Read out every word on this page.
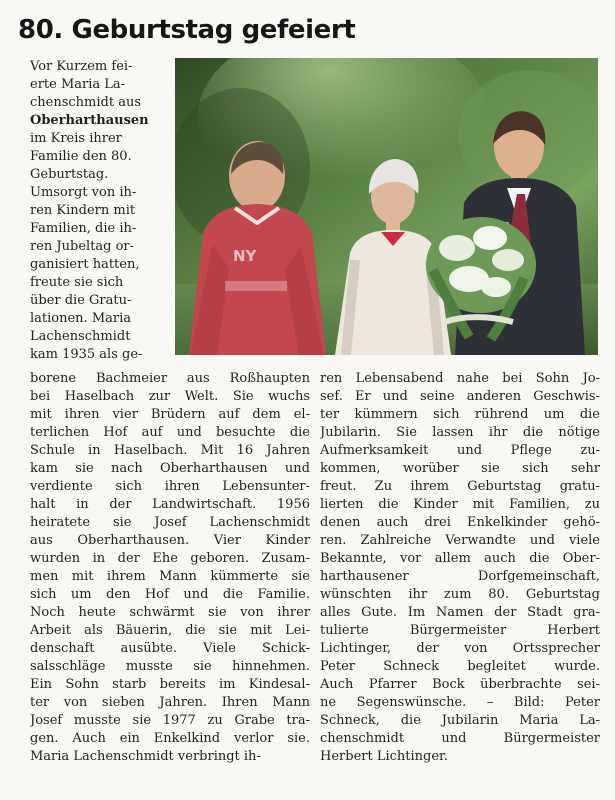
80. Geburtstag gefeiert
NY
Vor Kurzem fei-
erte Maria La-
chenschmidt aus
Oberharthausen
im Kreis ihrer
Familie den 80.
Geburtstag.
Umsorgt von ih-
ren Kindern mit
Familien, die ih-
ren Jubeltag or-
ganisiert hatten,
freute sie sich
über die Gratu-
lationen. Maria
Lachenschmidt
kam 1935 als ge-
borene Bachmeier aus Roßhaupten
bei Haselbach zur Welt. Sie wuchs
mit ihren vier Brüdern auf dem el-
terlichen Hof auf und besuchte die
Schule in Haselbach. Mit 16 Jahren
kam sie nach Oberharthausen und
verdiente sich ihren Lebensunter-
halt in der Landwirtschaft. 1956
heiratete sie Josef Lachenschmidt
aus Oberharthausen. Vier Kinder
wurden in der Ehe geboren. Zusam-
men mit ihrem Mann kümmerte sie
sich um den Hof und die Familie.
Noch heute schwärmt sie von ihrer
Arbeit als Bäuerin, die sie mit Lei-
denschaft ausübte. Viele Schick-
salsschläge musste sie hinnehmen.
Ein Sohn starb bereits im Kindesal-
ter von sieben Jahren. Ihren Mann
Josef musste sie 1977 zu Grabe tra-
gen. Auch ein Enkelkind verlor sie.
Maria Lachenschmidt verbringt ih-
ren Lebensabend nahe bei Sohn Jo-
sef. Er und seine anderen Geschwis-
ter kümmern sich rührend um die
Jubilarin. Sie lassen ihr die nötige
Aufmerksamkeit und Pflege zu-
kommen, worüber sie sich sehr
freut. Zu ihrem Geburtstag gratu-
lierten die Kinder mit Familien, zu
denen auch drei Enkelkinder gehö-
ren. Zahlreiche Verwandte und viele
Bekannte, vor allem auch die Ober-
harthausener Dorfgemeinschaft,
wünschten ihr zum 80. Geburtstag
alles Gute. Im Namen der Stadt gra-
tulierte Bürgermeister Herbert
Lichtinger, der von Ortssprecher
Peter Schneck begleitet wurde.
Auch Pfarrer Bock überbrachte sei-
ne Segenswünsche. – Bild: Peter
Schneck, die Jubilarin Maria La-
chenschmidt und Bürgermeister
Herbert Lichtinger.
